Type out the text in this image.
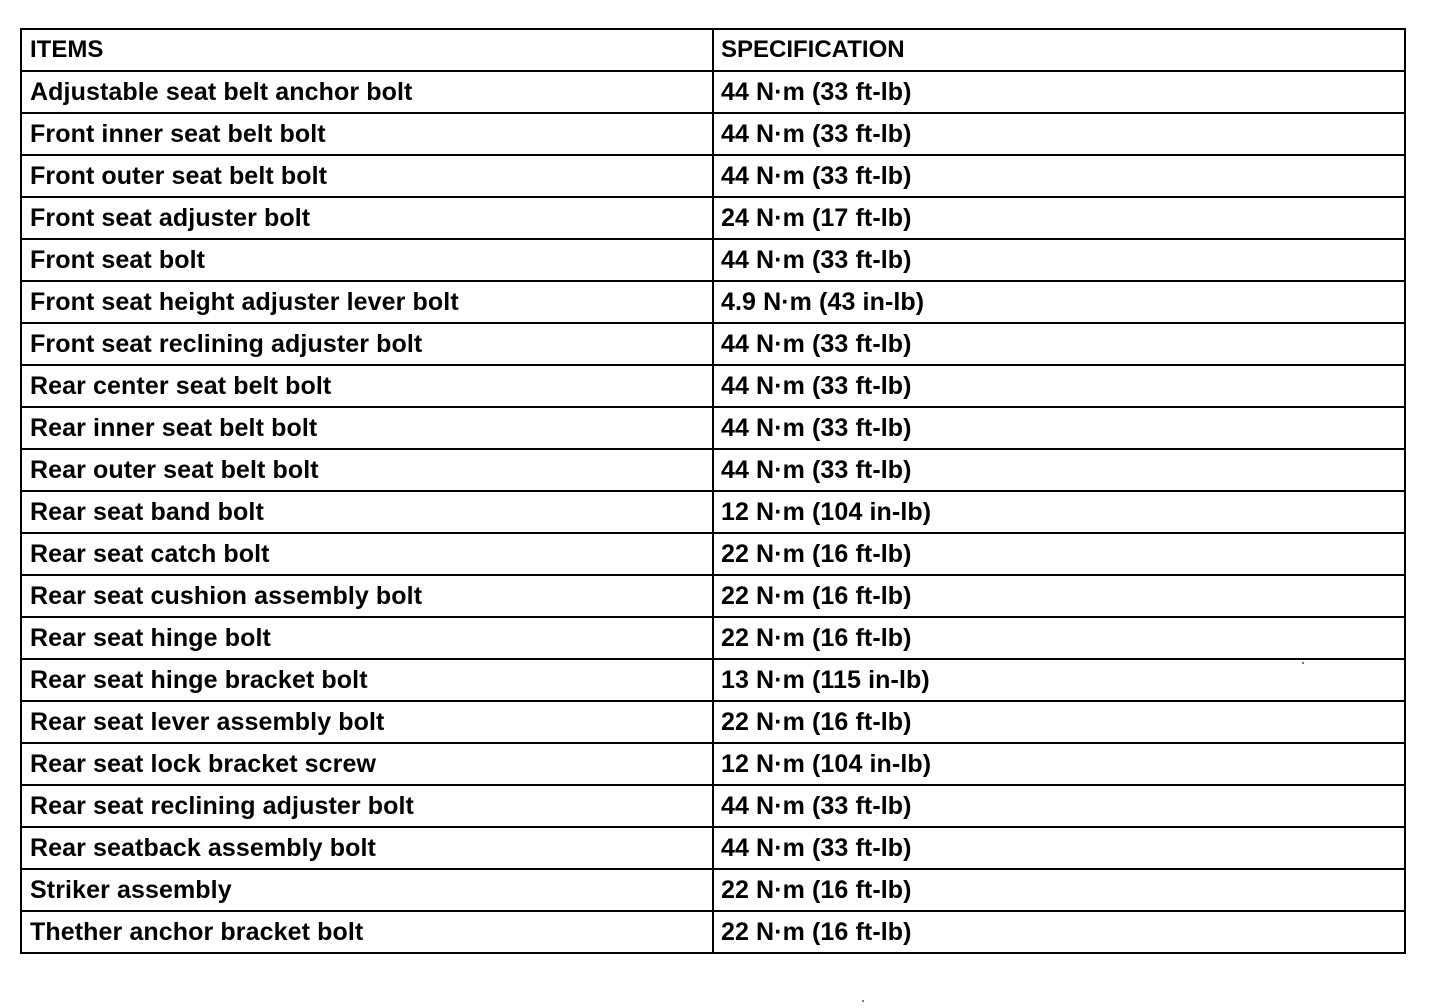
ITEMS	SPECIFICATION
Adjustable seat belt anchor bolt	44 N·m (33 ft-lb)
Front inner seat belt bolt	44 N·m (33 ft-lb)
Front outer seat belt bolt	44 N·m (33 ft-lb)
Front seat adjuster bolt	24 N·m (17 ft-lb)
Front seat bolt	44 N·m (33 ft-lb)
Front seat height adjuster lever bolt	4.9 N·m (43 in-lb)
Front seat reclining adjuster bolt	44 N·m (33 ft-lb)
Rear center seat belt bolt	44 N·m (33 ft-lb)
Rear inner seat belt bolt	44 N·m (33 ft-lb)
Rear outer seat belt bolt	44 N·m (33 ft-lb)
Rear seat band bolt	12 N·m (104 in-lb)
Rear seat catch bolt	22 N·m (16 ft-lb)
Rear seat cushion assembly bolt	22 N·m (16 ft-lb)
Rear seat hinge bolt	22 N·m (16 ft-lb)
Rear seat hinge bracket bolt	13 N·m (115 in-lb)
Rear seat lever assembly bolt	22 N·m (16 ft-lb)
Rear seat lock bracket screw	12 N·m (104 in-lb)
Rear seat reclining adjuster bolt	44 N·m (33 ft-lb)
Rear seatback assembly bolt	44 N·m (33 ft-lb)
Striker assembly	22 N·m (16 ft-lb)
Thether anchor bracket bolt	22 N·m (16 ft-lb)
